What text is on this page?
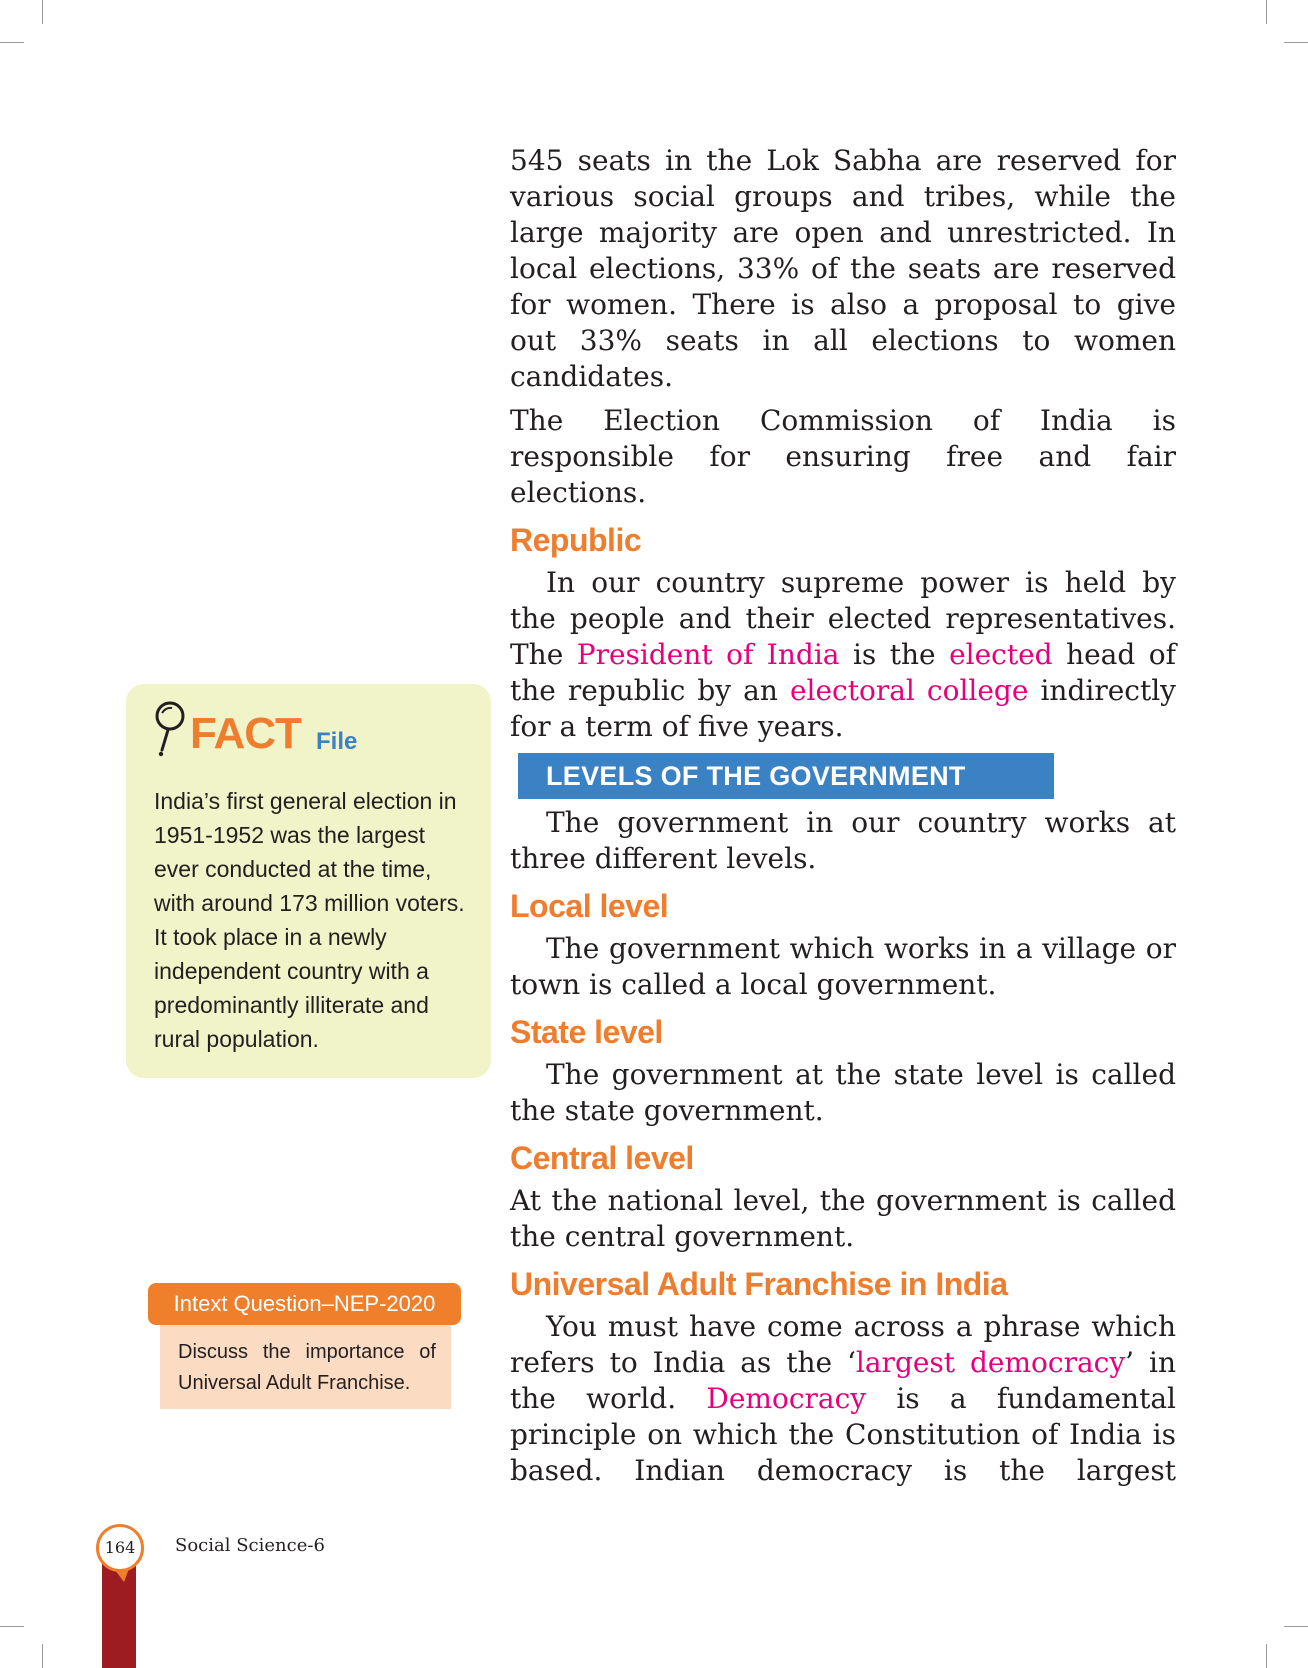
545 seats in the Lok Sabha are reserved for various social groups and tribes, while the large majority are open and unrestricted. In local elections, 33% of the seats are reserved for women. There is also a proposal to give out 33% seats in all elections to women candidates.

The Election Commission of India is responsible for ensuring free and fair elections.

Republic

In our country supreme power is held by the people and their elected representatives. The President of India is the elected head of the republic by an electoral college indirectly for a term of five years.

LEVELS OF THE GOVERNMENT

The government in our country works at three different levels.

Local level

The government which works in a village or town is called a local government.

State level

The government at the state level is called the state government.

Central level

At the national level, the government is called the central government.

Universal Adult Franchise in India

You must have come across a phrase which refers to India as the ‘largest democracy’ in the world. Democracy is a fundamental principle on which the Constitution of India is based. Indian democracy is the largest

FACT File
India’s first general election in 1951-1952 was the largest ever conducted at the time, with around 173 million voters. It took place in a newly independent country with a predominantly illiterate and rural population.
Intext Question–NEP-2020
Discuss the importance of Universal Adult Franchise.
164	Social Science-6
